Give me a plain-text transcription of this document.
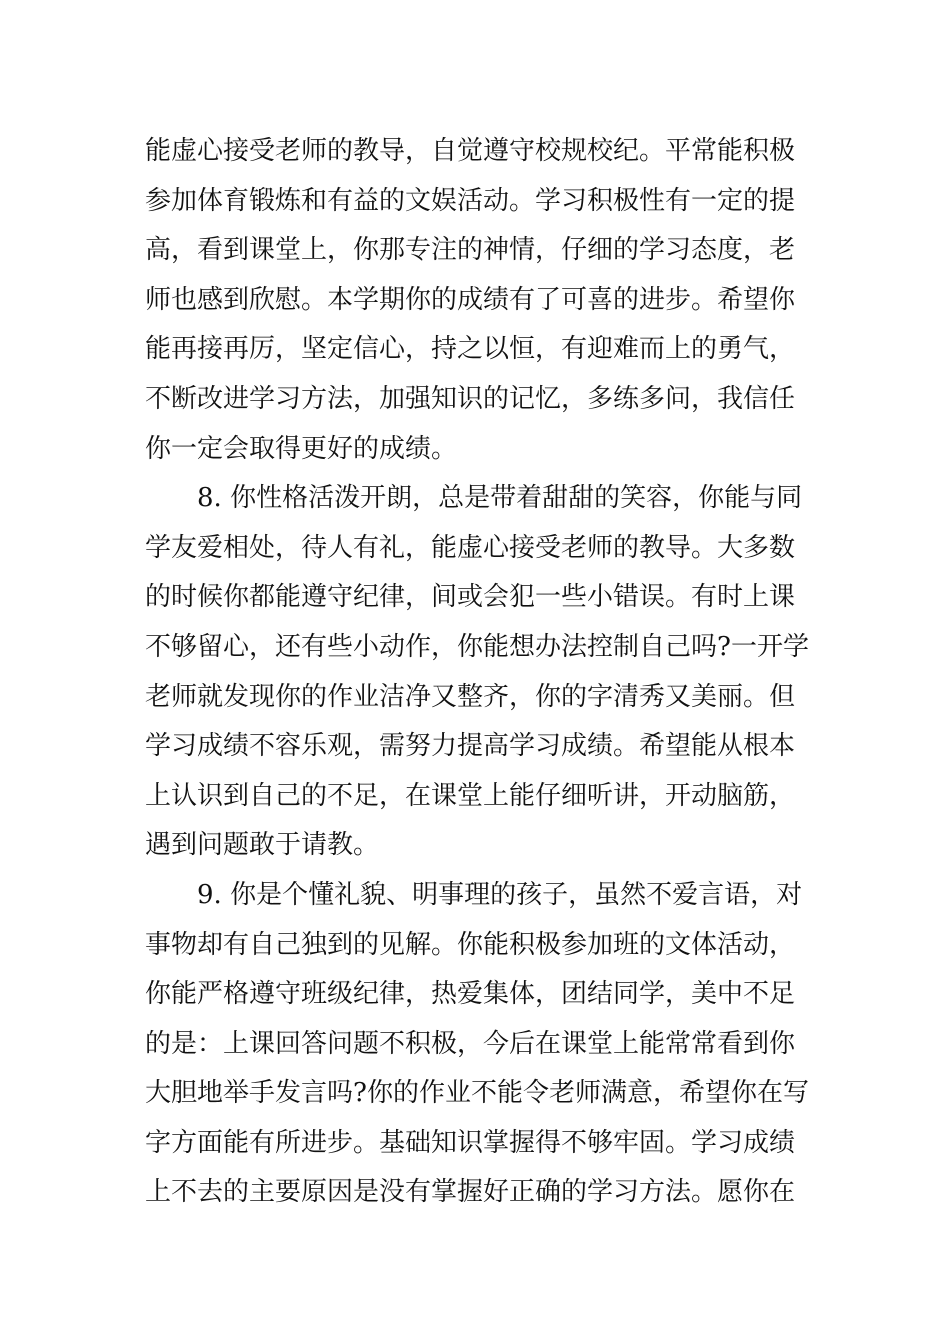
能虚心接受老师的教导，自觉遵守校规校纪。平常能积极
参加体育锻炼和有益的文娱活动。学习积极性有一定的提
高，看到课堂上，你那专注的神情，仔细的学习态度，老
师也感到欣慰。本学期你的成绩有了可喜的进步。希望你
能再接再厉，坚定信心，持之以恒，有迎难而上的勇气，
不断改进学习方法，加强知识的记忆，多练多问，我信任
你一定会取得更好的成绩。
8. 你性格活泼开朗，总是带着甜甜的笑容，你能与同
学友爱相处，待人有礼，能虚心接受老师的教导。大多数
的时候你都能遵守纪律，间或会犯一些小错误。有时上课
不够留心，还有些小动作，你能想办法控制自己吗?一开学
老师就发现你的作业洁净又整齐，你的字清秀又美丽。但
学习成绩不容乐观，需努力提高学习成绩。希望能从根本
上认识到自己的不足，在课堂上能仔细听讲，开动脑筋，
遇到问题敢于请教。
9. 你是个懂礼貌、明事理的孩子，虽然不爱言语，对
事物却有自己独到的见解。你能积极参加班的文体活动，
你能严格遵守班级纪律，热爱集体，团结同学，美中不足
的是：上课回答问题不积极，今后在课堂上能常常看到你
大胆地举手发言吗?你的作业不能令老师满意，希望你在写
字方面能有所进步。基础知识掌握得不够牢固。学习成绩
上不去的主要原因是没有掌握好正确的学习方法。愿你在
